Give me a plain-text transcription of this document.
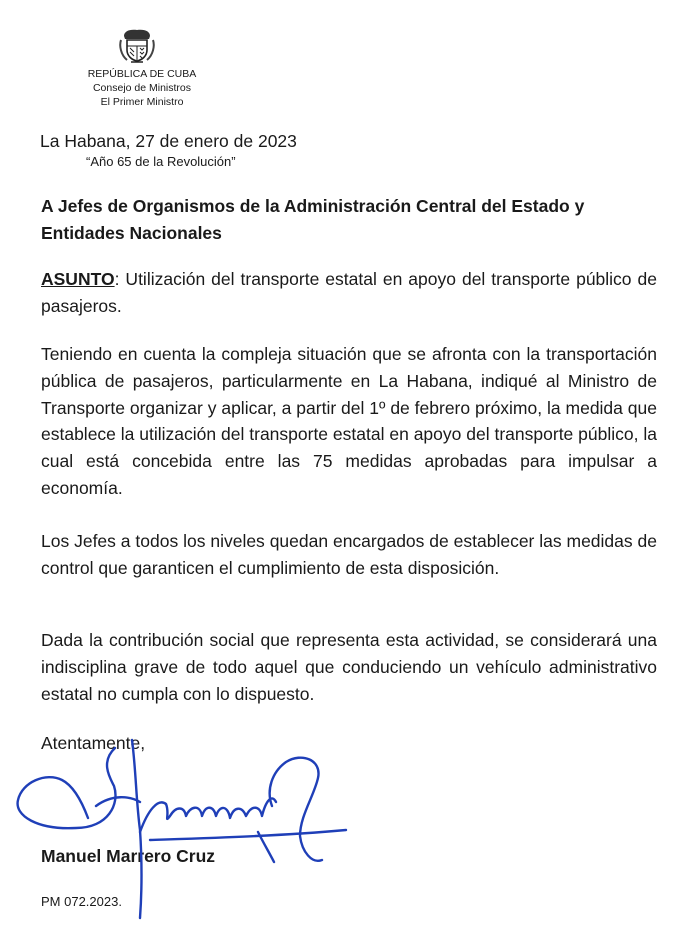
REPÚBLICA DE CUBA
Consejo de Ministros
El Primer Ministro
La Habana, 27 de enero de 2023
“Año 65 de la Revolución”
A Jefes de Organismos de la Administración Central del Estado y Entidades Nacionales
ASUNTO: Utilización del transporte estatal en apoyo del transporte público de pasajeros.
Teniendo en cuenta la compleja situación que se afronta con la transportación pública de pasajeros, particularmente en La Habana, indiqué al Ministro de Transporte organizar y aplicar, a partir del 1º de febrero próximo, la medida que establece la utilización del transporte estatal en apoyo del transporte público, la cual está concebida entre las 75 medidas aprobadas para impulsar a economía.
Los Jefes a todos los niveles quedan encargados de establecer las medidas de control que garanticen el cumplimiento de esta disposición.
Dada la contribución social que representa esta actividad, se considerará una indisciplina grave de todo aquel que conduciendo un vehículo administrativo estatal no cumpla con lo dispuesto.
Atentamente,
Manuel Marrero Cruz
PM 072.2023.
